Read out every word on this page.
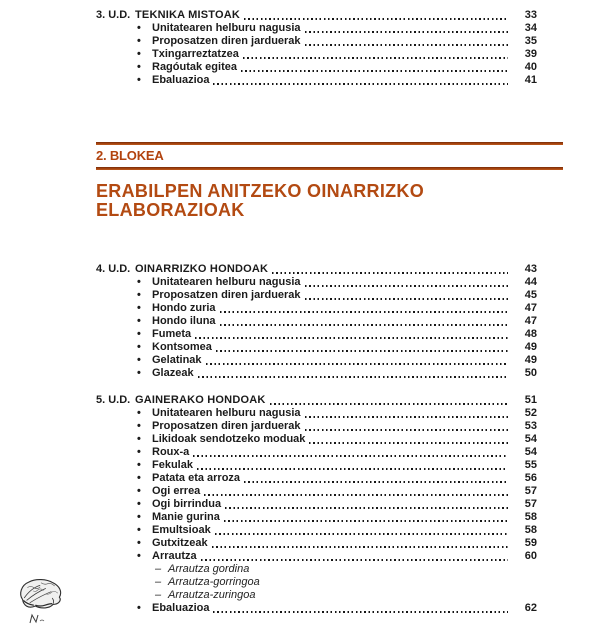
3. U.D. TEKNIKA MISTOAK	33
•	Unitatearen helburu nagusia	34
•	Proposatzen diren jarduerak	35
•	Txingarreztatzea	39
•	Ragóutak egitea	40
•	Ebaluazioa	41
2. BLOKEA
ERABILPEN ANITZEKO OINARRIZKO
ELABORAZIOAK
4. U.D. OINARRIZKO HONDOAK	43
•	Unitatearen helburu nagusia	44
•	Proposatzen diren jarduerak	45
•	Hondo zuria	47
•	Hondo iluna	47
•	Fumeta	48
•	Kontsomea	49
•	Gelatinak	49
•	Glazeak	50
5. U.D. GAINERAKO HONDOAK	51
•	Unitatearen helburu nagusia	52
•	Proposatzen diren jarduerak	53
•	Likidoak sendotzeko moduak	54
•	Roux-a	54
•	Fekulak	55
•	Patata eta arroza	56
•	Ogi errea	57
•	Ogi birrindua	57
•	Manie gurina	58
•	Emultsioak	58
•	Gutxitzeak	59
•	Arrautza	60
– Arrautza gordina
– Arrautza-gorringoa
– Arrautza-zuringoa
•	Ebaluazioa	62
